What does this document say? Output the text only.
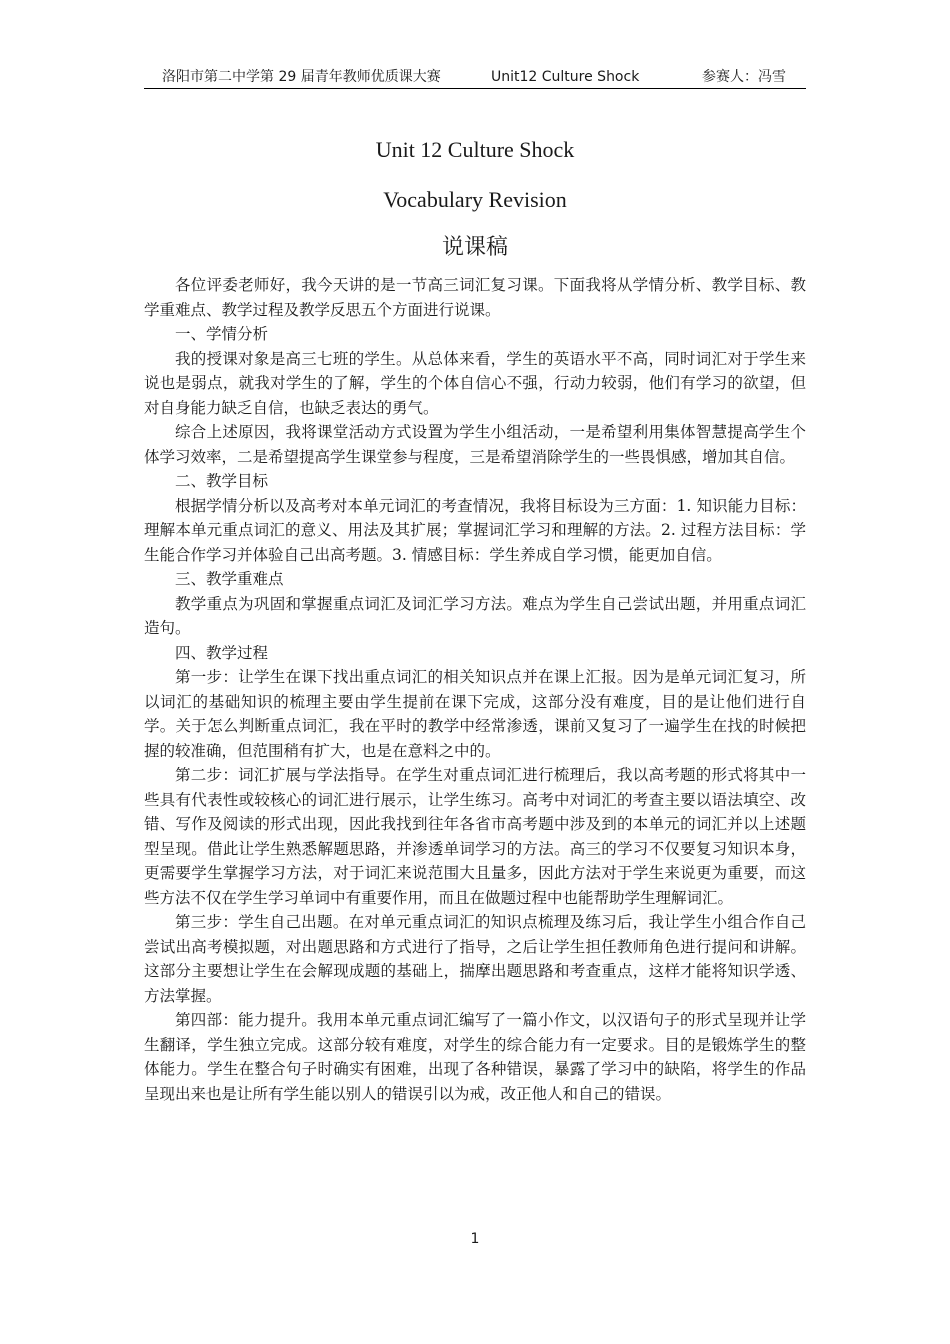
洛阳市第二中学第 29 届青年教师优质课大赛	Unit12 Culture Shock	参赛人：冯雪
Unit 12 Culture Shock
Vocabulary Revision
说课稿

各位评委老师好，我今天讲的是一节高三词汇复习课。下面我将从学情分析、教学目标、教学重难点、教学过程及教学反思五个方面进行说课。

一、学情分析

我的授课对象是高三七班的学生。从总体来看，学生的英语水平不高，同时词汇对于学生来说也是弱点，就我对学生的了解，学生的个体自信心不强，行动力较弱，他们有学习的欲望，但对自身能力缺乏自信，也缺乏表达的勇气。

综合上述原因，我将课堂活动方式设置为学生小组活动，一是希望利用集体智慧提高学生个体学习效率，二是希望提高学生课堂参与程度，三是希望消除学生的一些畏惧感，增加其自信。

二、教学目标

根据学情分析以及高考对本单元词汇的考查情况，我将目标设为三方面：1. 知识能力目标：理解本单元重点词汇的意义、用法及其扩展；掌握词汇学习和理解的方法。2. 过程方法目标：学生能合作学习并体验自己出高考题。3. 情感目标：学生养成自学习惯，能更加自信。

三、教学重难点

教学重点为巩固和掌握重点词汇及词汇学习方法。难点为学生自己尝试出题，并用重点词汇造句。

四、教学过程

第一步：让学生在课下找出重点词汇的相关知识点并在课上汇报。因为是单元词汇复习，所以词汇的基础知识的梳理主要由学生提前在课下完成，这部分没有难度，目的是让他们进行自学。关于怎么判断重点词汇，我在平时的教学中经常渗透，课前又复习了一遍学生在找的时候把握的较准确，但范围稍有扩大，也是在意料之中的。

第二步：词汇扩展与学法指导。在学生对重点词汇进行梳理后，我以高考题的形式将其中一些具有代表性或较核心的词汇进行展示，让学生练习。高考中对词汇的考查主要以语法填空、改错、写作及阅读的形式出现，因此我找到往年各省市高考题中涉及到的本单元的词汇并以上述题型呈现。借此让学生熟悉解题思路，并渗透单词学习的方法。高三的学习不仅要复习知识本身，更需要学生掌握学习方法，对于词汇来说范围大且量多，因此方法对于学生来说更为重要，而这些方法不仅在学生学习单词中有重要作用，而且在做题过程中也能帮助学生理解词汇。

第三步：学生自己出题。在对单元重点词汇的知识点梳理及练习后，我让学生小组合作自己尝试出高考模拟题，对出题思路和方式进行了指导，之后让学生担任教师角色进行提问和讲解。这部分主要想让学生在会解现成题的基础上，揣摩出题思路和考查重点，这样才能将知识学透、方法掌握。

第四部：能力提升。我用本单元重点词汇编写了一篇小作文，以汉语句子的形式呈现并让学生翻译，学生独立完成。这部分较有难度，对学生的综合能力有一定要求。目的是锻炼学生的整体能力。学生在整合句子时确实有困难，出现了各种错误，暴露了学习中的缺陷，将学生的作品呈现出来也是让所有学生能以别人的错误引以为戒，改正他人和自己的错误。

1
